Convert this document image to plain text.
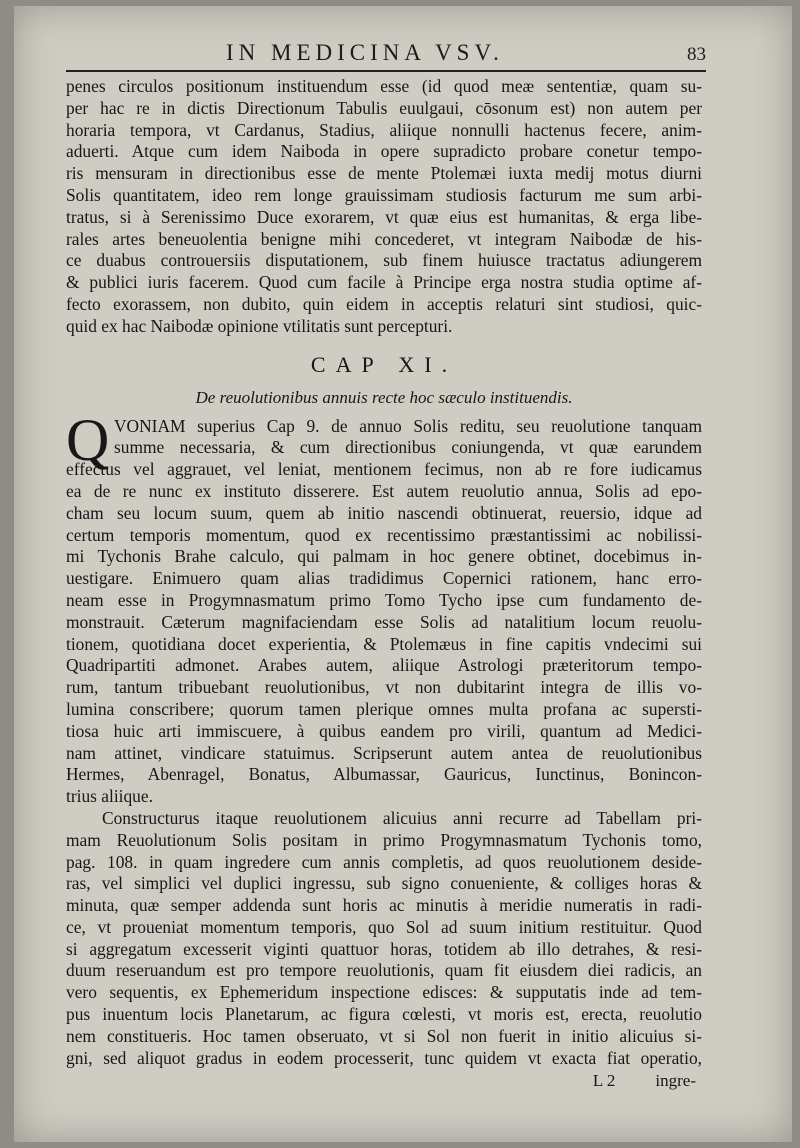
IN MEDICINA VSV.	83
penes circulos positionum instituendum esse (id quod meæ sententiæ, quam su-
per hac re in dictis Directionum Tabulis euulgaui, cōsonum est) non autem per
horaria tempora, vt Cardanus, Stadius, aliique nonnulli hactenus fecere, anim-
aduerti. Atque cum idem Naiboda in opere supradicto probare conetur tempo-
ris mensuram in directionibus esse de mente Ptolemæi iuxta medij motus diurni
Solis quantitatem, ideo rem longe grauissimam studiosis facturum me sum arbi-
tratus, si à Serenissimo Duce exorarem, vt quæ eius est humanitas, & erga libe-
rales artes beneuolentia benigne mihi concederet, vt integram Naibodæ de his-
ce duabus controuersiis disputationem, sub finem huiusce tractatus adiungerem
& publici iuris facerem. Quod cum facile à Principe erga nostra studia optime af-
fecto exorassem, non dubito, quin eidem in acceptis relaturi sint studiosi, quic-
quid ex hac Naibodæ opinione vtilitatis sunt percepturi.
CAP XI.
De reuolutionibus annuis recte hoc sæculo instituendis.
Q VONIAM superius Cap 9. de annuo Solis reditu, seu reuolutione tanquam
summe necessaria, & cum directionibus coniungenda, vt quæ earundem
effectus vel aggrauet, vel leniat, mentionem fecimus, non ab re fore iudicamus
ea de re nunc ex instituto disserere. Est autem reuolutio annua, Solis ad epo-
cham seu locum suum, quem ab initio nascendi obtinuerat, reuersio, idque ad
certum temporis momentum, quod ex recentissimo præstantissimi ac nobilissi-
mi Tychonis Brahe calculo, qui palmam in hoc genere obtinet, docebimus in-
uestigare. Enimuero quam alias tradidimus Copernici rationem, hanc erro-
neam esse in Progymnasmatum primo Tomo Tycho ipse cum fundamento de-
monstrauit. Cæterum magnifaciendam esse Solis ad natalitium locum reuolu-
tionem, quotidiana docet experientia, & Ptolemæus in fine capitis vndecimi sui
Quadripartiti admonet. Arabes autem, aliique Astrologi præteritorum tempo-
rum, tantum tribuebant reuolutionibus, vt non dubitarint integra de illis vo-
lumina conscribere; quorum tamen plerique omnes multa profana ac supersti-
tiosa huic arti immiscuere, à quibus eandem pro virili, quantum ad Medici-
nam attinet, vindicare statuimus. Scripserunt autem antea de reuolutionibus
Hermes, Abenragel, Bonatus, Albumassar, Gauricus, Iunctinus, Bonincon-
trius aliique.
Constructurus itaque reuolutionem alicuius anni recurre ad Tabellam pri-
mam Reuolutionum Solis positam in primo Progymnasmatum Tychonis tomo,
pag. 108. in quam ingredere cum annis completis, ad quos reuolutionem deside-
ras, vel simplici vel duplici ingressu, sub signo conueniente, & colliges horas &
minuta, quæ semper addenda sunt horis ac minutis à meridie numeratis in radi-
ce, vt proueniat momentum temporis, quo Sol ad suum initium restituitur. Quod
si aggregatum excesserit viginti quattuor horas, totidem ab illo detrahes, & resi-
duum reseruandum est pro tempore reuolutionis, quam fit eiusdem diei radicis, an
vero sequentis, ex Ephemeridum inspectione edisces: & supputatis inde ad tem-
pus inuentum locis Planetarum, ac figura cœlesti, vt moris est, erecta, reuolutio
nem constitueris. Hoc tamen obseruato, vt si Sol non fuerit in initio alicuius si-
gni, sed aliquot gradus in eodem processerit, tunc quidem vt exacta fiat operatio,
L 2 ingre-
